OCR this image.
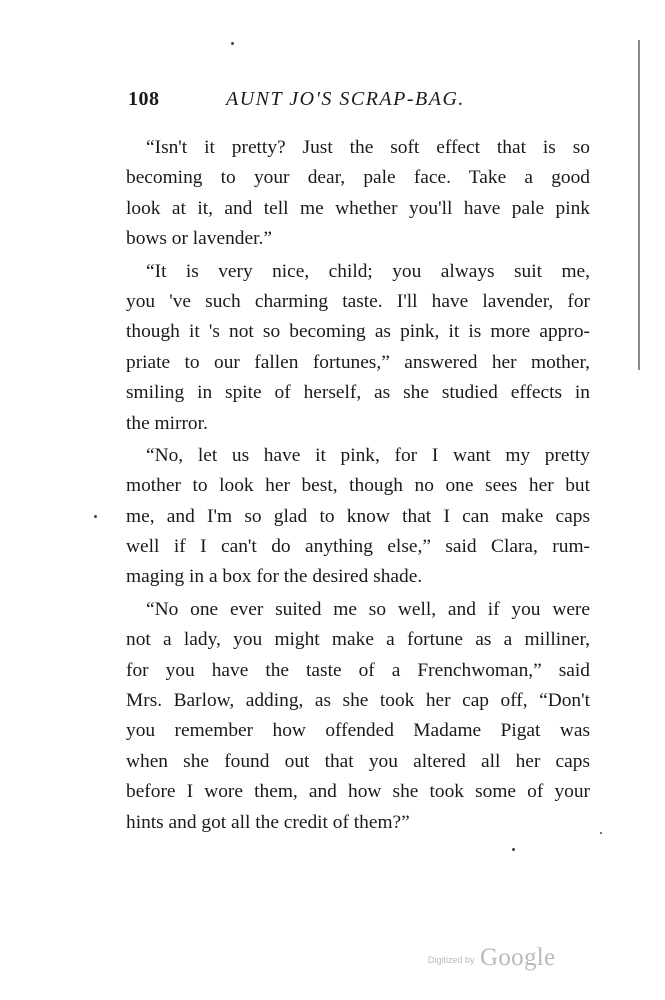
108	AUNT JO'S SCRAP-BAG.
“Isn't it pretty? Just the soft effect that is so
becoming to your dear, pale face. Take a good
look at it, and tell me whether you'll have pale pink
bows or lavender.”
“It is very nice, child; you always suit me,
you 've such charming taste. I'll have lavender, for
though it 's not so becoming as pink, it is more appro-
priate to our fallen fortunes,” answered her mother,
smiling in spite of herself, as she studied effects in
the mirror.
“No, let us have it pink, for I want my pretty
mother to look her best, though no one sees her but
me, and I'm so glad to know that I can make caps
well if I can't do anything else,” said Clara, rum-
maging in a box for the desired shade.
“No one ever suited me so well, and if you were
not a lady, you might make a fortune as a milliner,
for you have the taste of a Frenchwoman,” said
Mrs. Barlow, adding, as she took her cap off, “Don't
you remember how offended Madame Pigat was
when she found out that you altered all her caps
before I wore them, and how she took some of your
hints and got all the credit of them?”
Digitized by Google
